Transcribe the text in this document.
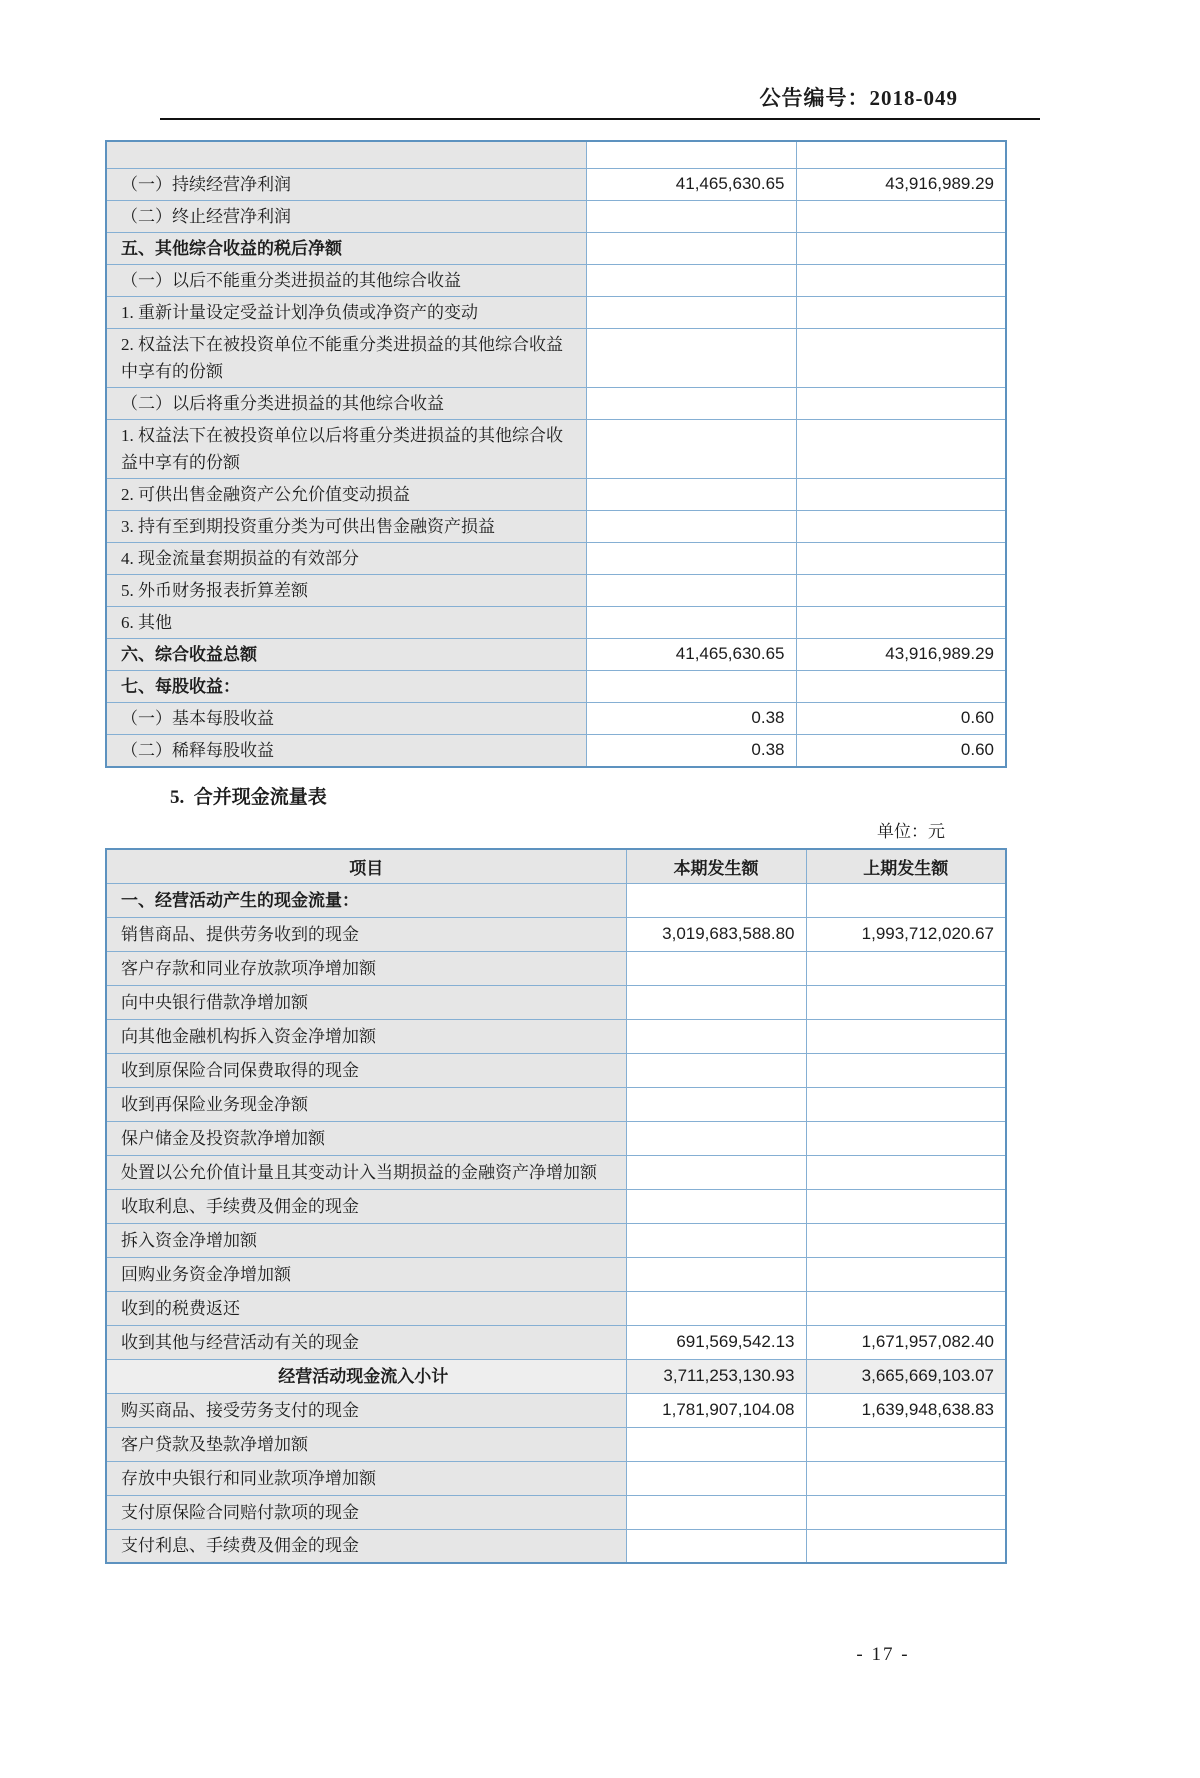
公告编号：2018-049

（一）持续经营净利润	41,465,630.65	43,916,989.29
（二）终止经营净利润		
五、其他综合收益的税后净额		
（一）以后不能重分类进损益的其他综合收益		
1. 重新计量设定受益计划净负债或净资产的变动		
2. 权益法下在被投资单位不能重分类进损益的其他综合收益中享有的份额		
（二）以后将重分类进损益的其他综合收益		
1. 权益法下在被投资单位以后将重分类进损益的其他综合收益中享有的份额		
2. 可供出售金融资产公允价值变动损益		
3. 持有至到期投资重分类为可供出售金融资产损益		
4. 现金流量套期损益的有效部分		
5. 外币财务报表折算差额		
6. 其他		
六、综合收益总额	41,465,630.65	43,916,989.29
七、每股收益：		
（一）基本每股收益	0.38	0.60
（二）稀释每股收益	0.38	0.60
5.  合并现金流量表
单位：元
项目	本期发生额	上期发生额
一、经营活动产生的现金流量：		
销售商品、提供劳务收到的现金	3,019,683,588.80	1,993,712,020.67
客户存款和同业存放款项净增加额		
向中央银行借款净增加额		
向其他金融机构拆入资金净增加额		
收到原保险合同保费取得的现金		
收到再保险业务现金净额		
保户储金及投资款净增加额		
处置以公允价值计量且其变动计入当期损益的金融资产净增加额		
收取利息、手续费及佣金的现金		
拆入资金净增加额		
回购业务资金净增加额		
收到的税费返还		
收到其他与经营活动有关的现金	691,569,542.13	1,671,957,082.40
经营活动现金流入小计	3,711,253,130.93	3,665,669,103.07
购买商品、接受劳务支付的现金	1,781,907,104.08	1,639,948,638.83
客户贷款及垫款净增加额		
存放中央银行和同业款项净增加额		
支付原保险合同赔付款项的现金		
支付利息、手续费及佣金的现金		
- 17 -
